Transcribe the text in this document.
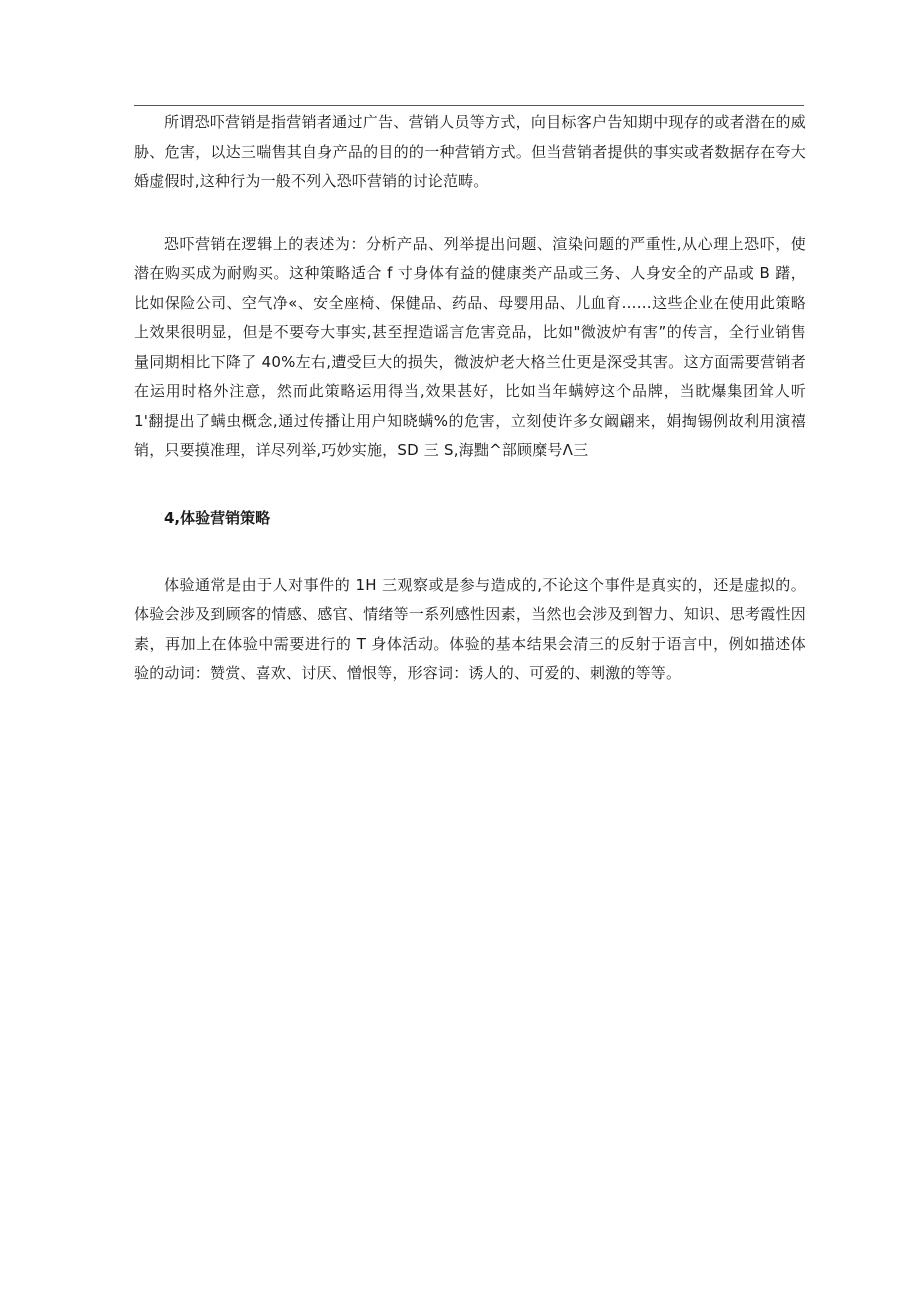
所谓恐吓营销是指营销者通过广告、营销人员等方式，向目标客户告知期中现存的或者潜在的威胁、危害，以达三喘售其自身产品的目的的一种营销方式。但当营销者提供的事实或者数据存在夸大婚虚假时,这种行为一般不列入恐吓营销的讨论范畴。

恐吓营销在逻辑上的表述为：分析产品、列举提出问题、渲染问题的严重性,从心理上恐吓，使潜在购买成为耐购买。这种策略适合 f 寸身体有益的健康类产品或三务、人身安全的产品或 B 躇，比如保险公司、空气净«、安全座椅、保健品、药品、母婴用品、儿血育……这些企业在使用此策略上效果很明显，但是不要夸大事实,甚至捏造谣言危害竞品，比如"微波炉有害”的传言，全行业销售量同期相比下降了 40%左右,遭受巨大的损失，微波炉老大格兰仕更是深受其害。这方面需要营销者在运用时格外注意，然而此策略运用得当,效果甚好，比如当年螨婷这个品牌，当眈爆集团耸人听 1'翻提出了螨虫概念,通过传播让用户知晓螨%的危害，立刻使许多女阚翩来，娟掏锡例故利用演禧销，只要摸准理，详尽列举,巧妙实施，SD 三 S,海黜^部顾糜号Λ三

4,体验营销策略

体验通常是由于人对事件的 1H 三观察或是参与造成的,不论这个事件是真实的，还是虚拟的。体验会涉及到顾客的情感、感官、情绪等一系列感性因素，当然也会涉及到智力、知识、思考霞性因素，再加上在体验中需要进行的 T 身体活动。体验的基本结果会清三的反射于语言中，例如描述体验的动词：赞赏、喜欢、讨厌、憎恨等，形容词：诱人的、可爱的、刺激的等等。
